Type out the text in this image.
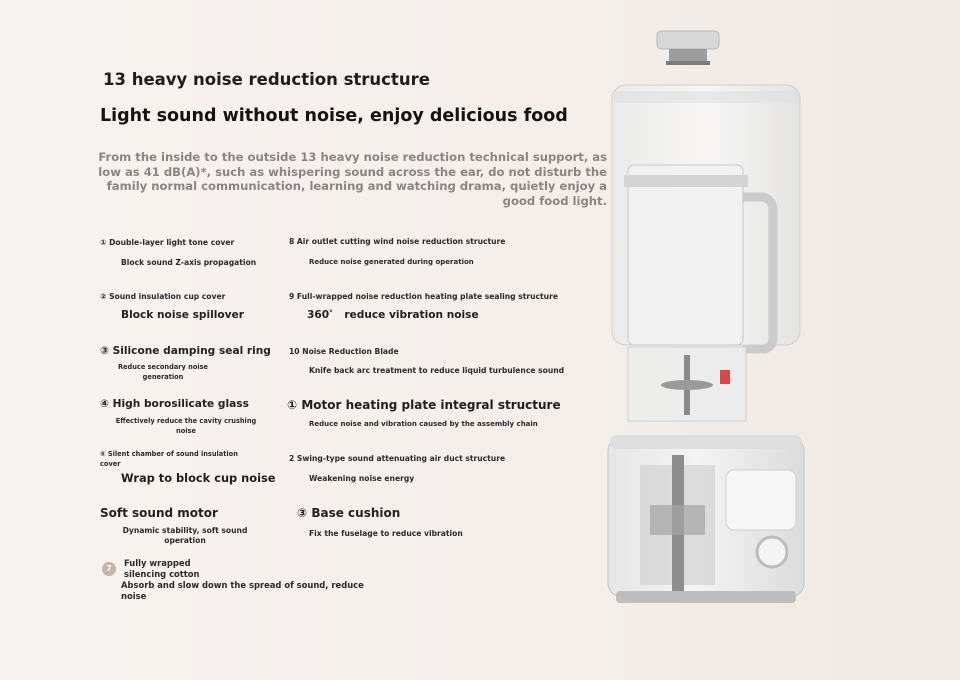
13 heavy noise reduction structure
Light sound without noise, enjoy delicious food
From the inside to the outside 13 heavy noise reduction technical support, as low as 41 dB(A)*, such as whispering sound across the ear, do not disturb the family normal communication, learning and watching drama, quietly enjoy a good food light.
① Double-layer light tone cover
Block sound Z-axis propagation
② Sound insulation cup cover
Block noise spillover
③ Silicone damping seal ring
Reduce secondary noise generation
④ High borosilicate glass
Effectively reduce the cavity crushing noise
⑤ Silent chamber of sound insulation cover
Wrap to block cup noise
Soft sound motor
Dynamic stability, soft sound operation
7
Fully wrapped silencing cotton
Absorb and slow down the spread of sound, reduce noise
8 Air outlet cutting wind noise reduction structure
Reduce noise generated during operation
9 Full-wrapped noise reduction heating plate sealing structure
360° reduce vibration noise
10 Noise Reduction Blade
Knife back arc treatment to reduce liquid turbulence sound
① Motor heating plate integral structure
Reduce noise and vibration caused by the assembly chain
2 Swing-type sound attenuating air duct structure
Weakening noise energy
③ Base cushion
Fix the fuselage to reduce vibration
